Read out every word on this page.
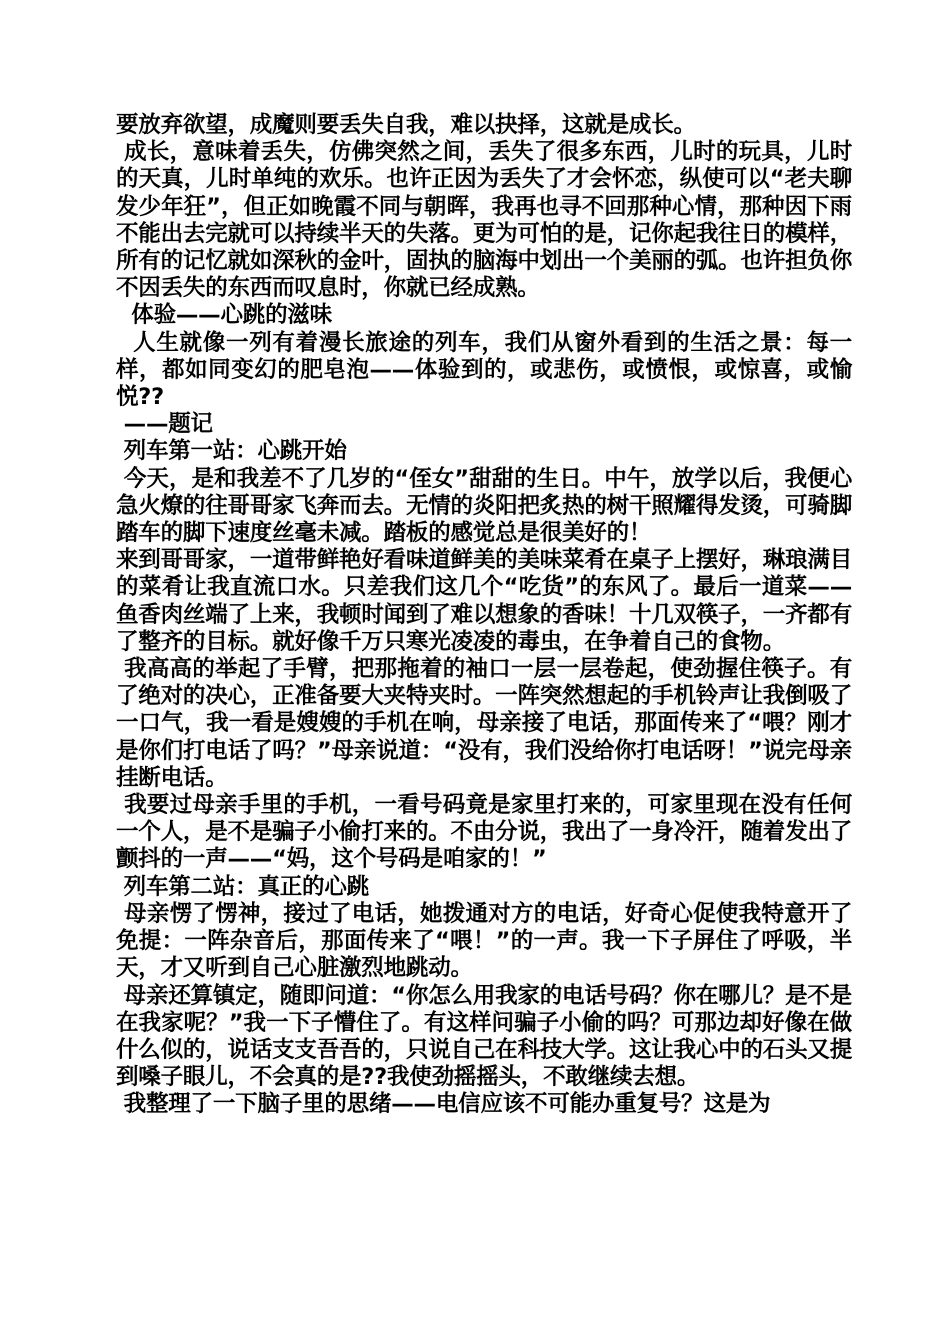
要放弃欲望，成魔则要丢失自我，难以抉择，这就是成长。

成长，意味着丢失，仿佛突然之间，丢失了很多东西，儿时的玩具，儿时的天真，儿时单纯的欢乐。也许正因为丢失了才会怀恋，纵使可以“老夫聊发少年狂”，但正如晚霞不同与朝晖，我再也寻不回那种心情，那种因下雨不能出去完就可以持续半天的失落。更为可怕的是，记你起我往日的模样，所有的记忆就如深秋的金叶，固执的脑海中划出一个美丽的弧。也许担负你不因丢失的东西而叹息时，你就已经成熟。

体验——心跳的滋味

人生就像一列有着漫长旅途的列车，我们从窗外看到的生活之景：每一样，都如同变幻的肥皂泡——体验到的，或悲伤，或愤恨，或惊喜，或愉悦??

——题记

列车第一站：心跳开始

今天，是和我差不了几岁的“侄女”甜甜的生日。中午，放学以后，我便心急火燎的往哥哥家飞奔而去。无情的炎阳把炙热的树干照耀得发烫，可骑脚踏车的脚下速度丝毫未减。踏板的感觉总是很美好的！

来到哥哥家，一道带鲜艳好看味道鲜美的美味菜肴在桌子上摆好，琳琅满目的菜肴让我直流口水。只差我们这几个“吃货”的东风了。最后一道菜——鱼香肉丝端了上来，我顿时闻到了难以想象的香味！十几双筷子，一齐都有了整齐的目标。就好像千万只寒光凌凌的毒虫，在争着自己的食物。

我高高的举起了手臂，把那拖着的袖口一层一层卷起，使劲握住筷子。有了绝对的决心，正准备要大夹特夹时。一阵突然想起的手机铃声让我倒吸了一口气，我一看是嫂嫂的手机在响，母亲接了电话，那面传来了“喂？刚才是你们打电话了吗？”母亲说道：“没有，我们没给你打电话呀！”说完母亲挂断电话。

我要过母亲手里的手机，一看号码竟是家里打来的，可家里现在没有任何一个人，是不是骗子小偷打来的。不由分说，我出了一身冷汗，随着发出了颤抖的一声——“妈，这个号码是咱家的！”

列车第二站：真正的心跳

母亲愣了愣神，接过了电话，她拨通对方的电话，好奇心促使我特意开了免提：一阵杂音后，那面传来了“喂！”的一声。我一下子屏住了呼吸，半天，才又听到自己心脏激烈地跳动。

母亲还算镇定，随即问道：“你怎么用我家的电话号码？你在哪儿？是不是在我家呢？”我一下子懵住了。有这样问骗子小偷的吗？可那边却好像在做什么似的，说话支支吾吾的，只说自己在科技大学。这让我心中的石头又提到嗓子眼儿，不会真的是??我使劲摇摇头，不敢继续去想。

我整理了一下脑子里的思绪——电信应该不可能办重复号？这是为
